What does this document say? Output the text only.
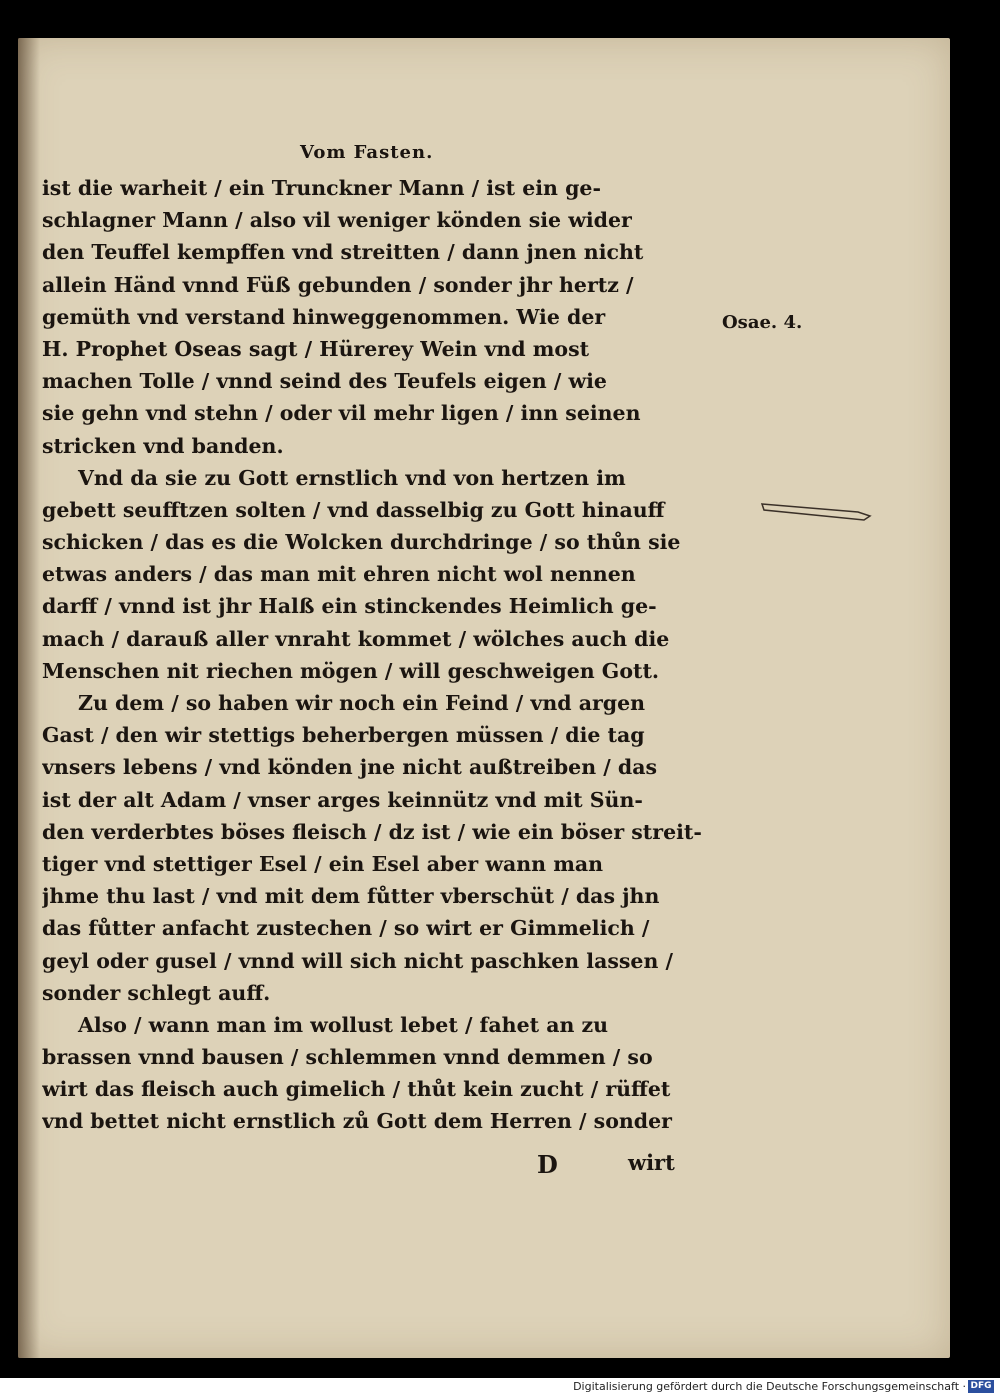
Vom Fasten.
ist die warheit / ein Trunckner Mann / ist ein ge-
schlagner Mann / also vil weniger könden sie wider
den Teuffel kempffen vnd streitten / dann jnen nicht
allein Händ vnnd Füß gebunden / sonder jhr hertz /
gemüth vnd verstand hinweggenommen. Wie der
H. Prophet Oseas sagt / Hürerey Wein vnd most
machen Tolle / vnnd seind des Teufels eigen / wie
sie gehn vnd stehn / oder vil mehr ligen / inn seinen
stricken vnd banden.
Vnd da sie zu Gott ernstlich vnd von hertzen im
gebett seufftzen solten / vnd dasselbig zu Gott hinauff
schicken / das es die Wolcken durchdringe / so thůn sie
etwas anders / das man mit ehren nicht wol nennen
darff / vnnd ist jhr Halß ein stinckendes Heimlich ge-
mach / darauß aller vnraht kommet / wölches auch die
Menschen nit riechen mögen / will geschweigen Gott.
Zu dem / so haben wir noch ein Feind / vnd argen
Gast / den wir stettigs beherbergen müssen / die tag
vnsers lebens / vnd könden jne nicht außtreiben / das
ist der alt Adam / vnser arges keinnütz vnd mit Sün-
den verderbtes böses fleisch / dz ist / wie ein böser streit-
tiger vnd stettiger Esel / ein Esel aber wann man
jhme thu last / vnd mit dem fůtter vberschüt / das jhn
das fůtter anfacht zustechen / so wirt er Gimmelich /
geyl oder gusel / vnnd will sich nicht paschken lassen /
sonder schlegt auff.
Also / wann man im wollust lebet / fahet an zu
brassen vnnd bausen / schlemmen vnnd demmen / so
wirt das fleisch auch gimelich / thůt kein zucht / rüffet
vnd bettet nicht ernstlich zů Gott dem Herren / sonder
Osae. 4.
D	wirt
Digitalisierung gefördert durch die Deutsche Forschungsgemeinschaft · DFG
